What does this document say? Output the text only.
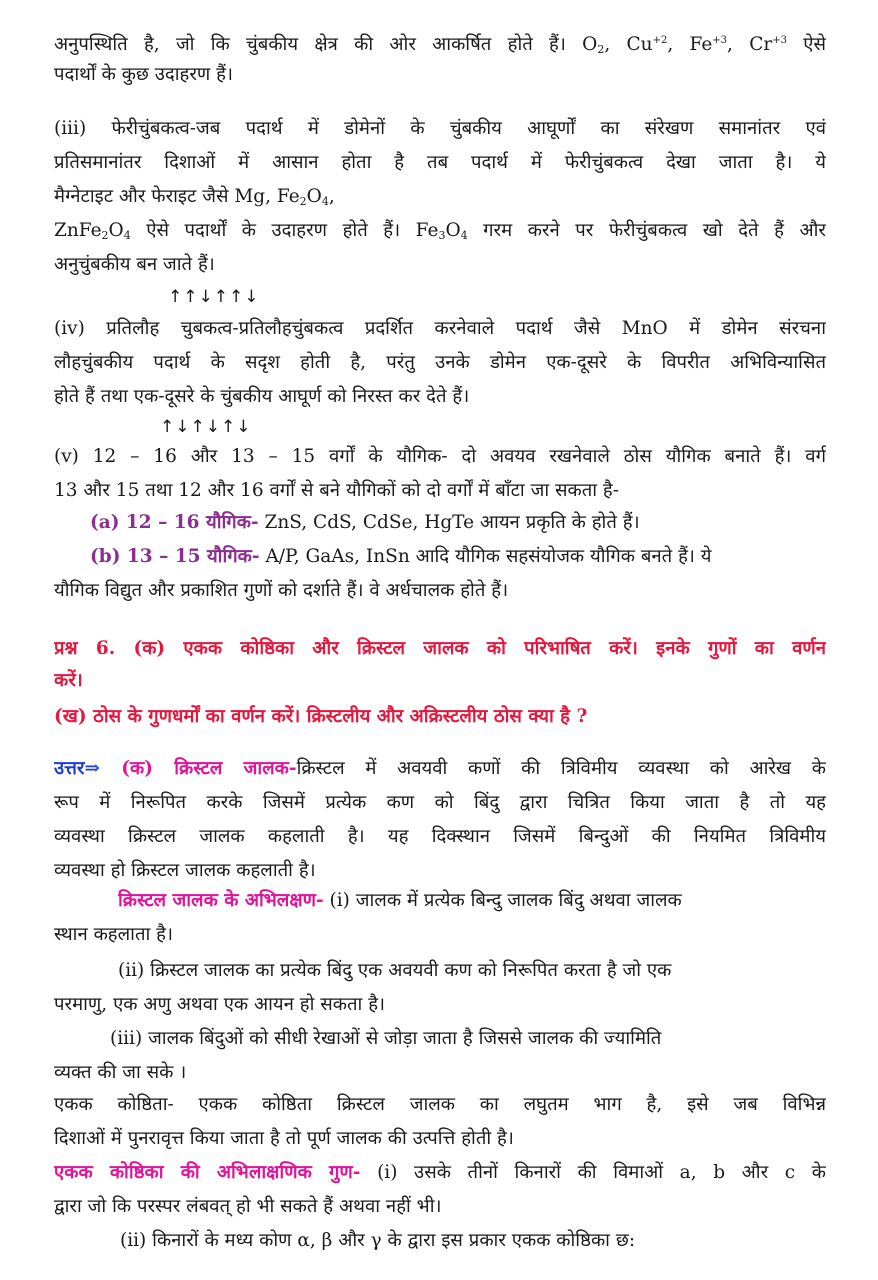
अनुपस्थिति है, जो कि चुंबकीय क्षेत्र की ओर आकर्षित होते हैं। $O_2$, $Cu^{+2}$, $Fe^{+3}$, $Cr^{+3}$ ऐसे
पदार्थों के कुछ उदाहरण हैं।
(iii) फेरीचुंबकत्व-जब पदार्थ में डोमेनों के चुंबकीय आघूर्णों का संरेखण समानांतर एवं
प्रतिसमानांतर दिशाओं में आसान होता है तब पदार्थ में फेरीचुंबकत्व देखा जाता है। ये
मैग्नेटाइट और फेराइट जैसे Mg, $Fe_2O_4$,
$ZnFe_2O_4$ ऐसे पदार्थों के उदाहरण होते हैं। $Fe_3O_4$ गरम करने पर फेरीचुंबकत्व खो देते हैं और
अनुचुंबकीय बन जाते हैं।
↑↑↓↑↑↓
(iv) प्रतिलौह चुबकत्व-प्रतिलौहचुंबकत्व प्रदर्शित करनेवाले पदार्थ जैसे MnO में डोमेन संरचना
लौहचुंबकीय पदार्थ के सदृश होती है, परंतु उनके डोमेन एक-दूसरे के विपरीत अभिविन्यासित
होते हैं तथा एक-दूसरे के चुंबकीय आघूर्ण को निरस्त कर देते हैं।
↑↓↑↓↑↓
(v) 12 – 16 और 13 – 15 वर्गों के यौगिक- दो अवयव रखनेवाले ठोस यौगिक बनाते हैं। वर्ग
13 और 15 तथा 12 और 16 वर्गों से बने यौगिकों को दो वर्गों में बाँटा जा सकता है-
(a) 12 – 16 यौगिक- ZnS, CdS, CdSe, HgTe आयन प्रकृति के होते हैं।
(b) 13 – 15 यौगिक- A/P, GaAs, InSn आदि यौगिक सहसंयोजक यौगिक बनते हैं। ये
यौगिक विद्युत और प्रकाशित गुणों को दर्शाते हैं। वे अर्धचालक होते हैं।
प्रश्न 6. (क) एकक कोष्ठिका और क्रिस्टल जालक को परिभाषित करें। इनके गुणों का वर्णन
करें।
(ख) ठोस के गुणधर्मों का वर्णन करें। क्रिस्टलीय और अक्रिस्टलीय ठोस क्या है ?
उत्तर⇒ (क) क्रिस्टल जालक-क्रिस्टल में अवयवी कणों की त्रिविमीय व्यवस्था को आरेख के
रूप में निरूपित करके जिसमें प्रत्येक कण को बिंदु द्वारा चित्रित किया जाता है तो यह
व्यवस्था क्रिस्टल जालक कहलाती है। यह दिक्स्थान जिसमें बिन्दुओं की नियमित त्रिविमीय
व्यवस्था हो क्रिस्टल जालक कहलाती है।
क्रिस्टल जालक के अभिलक्षण- (i) जालक में प्रत्येक बिन्दु जालक बिंदु अथवा जालक
स्थान कहलाता है।
(ii) क्रिस्टल जालक का प्रत्येक बिंदु एक अवयवी कण को निरूपित करता है जो एक
परमाणु, एक अणु अथवा एक आयन हो सकता है।
(iii) जालक बिंदुओं को सीधी रेखाओं से जोड़ा जाता है जिससे जालक की ज्यामिति
व्यक्त की जा सके ।
एकक कोष्ठिता- एकक कोष्ठिता क्रिस्टल जालक का लघुतम भाग है, इसे जब विभिन्न
दिशाओं में पुनरावृत्त किया जाता है तो पूर्ण जालक की उत्पत्ति होती है।
एकक कोष्ठिका की अभिलाक्षणिक गुण- (i) उसके तीनों किनारों की विमाओं a, b और c के
द्वारा जो कि परस्पर लंबवत् हो भी सकते हैं अथवा नहीं भी।
(ii) किनारों के मध्य कोण α, β और γ के द्वारा इस प्रकार एकक कोष्ठिका छ:
